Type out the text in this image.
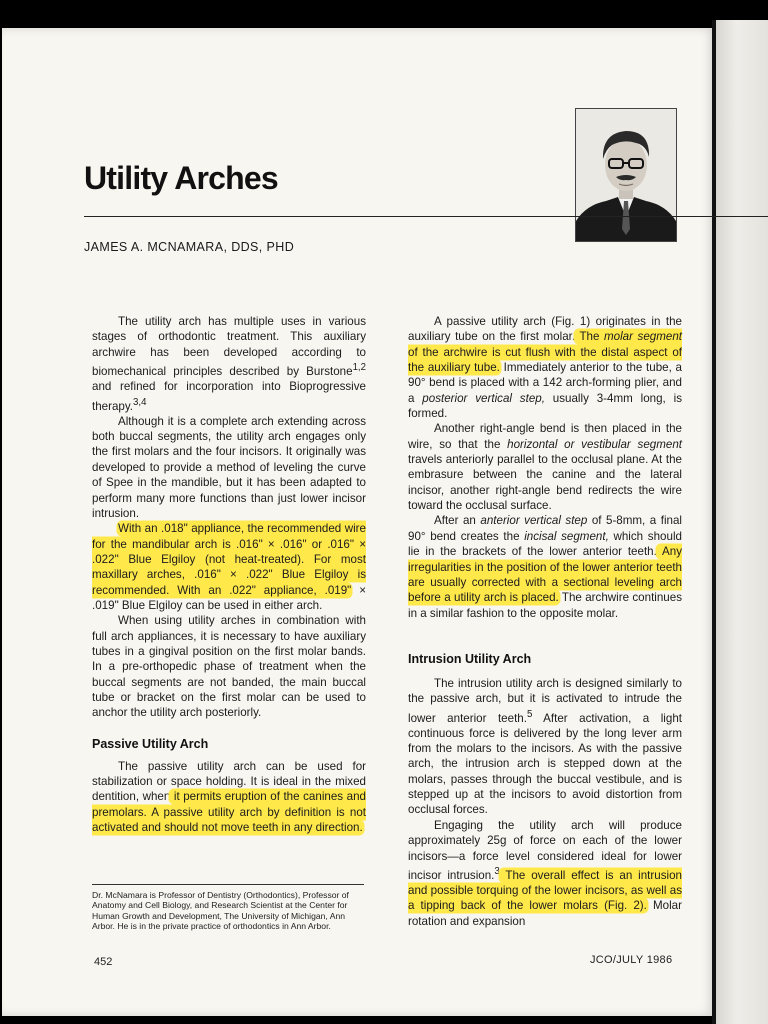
Utility Arches
JAMES A. MCNAMARA, DDS, PHD

The utility arch has multiple uses in various stages of orthodontic treatment. This auxiliary archwire has been developed according to biomechanical principles described by Burstone$^{1,2}$ and refined for incorporation into Bioprogressive therapy.$^{3,4}$

Although it is a complete arch extending across both buccal segments, the utility arch engages only the first molars and the four incisors. It originally was developed to provide a method of leveling the curve of Spee in the mandible, but it has been adapted to perform many more functions than just lower incisor intrusion.

With an .018" appliance, the recommended wire for the mandibular arch is .016" × .016" or .016" × .022" Blue Elgiloy (not heat-treated). For most maxillary arches, .016" × .022" Blue Elgiloy is recommended. With an .022" appliance, .019" × .019" Blue Elgiloy can be used in either arch.

When using utility arches in combination with full arch appliances, it is necessary to have auxiliary tubes in a gingival position on the first molar bands. In a pre-orthopedic phase of treatment when the buccal segments are not banded, the main buccal tube or bracket on the first molar can be used to anchor the utility arch posteriorly.

Passive Utility Arch

The passive utility arch can be used for stabilization or space holding. It is ideal in the mixed dentition, when it permits eruption of the canines and premolars. A passive utility arch by definition is not activated and should not move teeth in any direction.

A passive utility arch (Fig. 1) originates in the auxiliary tube on the first molar. The molar segment of the archwire is cut flush with the distal aspect of the auxiliary tube. Immediately anterior to the tube, a 90° bend is placed with a 142 arch-forming plier, and a posterior vertical step, usually 3-4mm long, is formed.

Another right-angle bend is then placed in the wire, so that the horizontal or vestibular segment travels anteriorly parallel to the occlusal plane. At the embrasure between the canine and the lateral incisor, another right-angle bend redirects the wire toward the occlusal surface.

After an anterior vertical step of 5-8mm, a final 90° bend creates the incisal segment, which should lie in the brackets of the lower anterior teeth. Any irregularities in the position of the lower anterior teeth are usually corrected with a sectional leveling arch before a utility arch is placed. The archwire continues in a similar fashion to the opposite molar.

Intrusion Utility Arch

The intrusion utility arch is designed similarly to the passive arch, but it is activated to intrude the lower anterior teeth.$^5$ After activation, a light continuous force is delivered by the long lever arm from the molars to the incisors. As with the passive arch, the intrusion arch is stepped down at the molars, passes through the buccal vestibule, and is stepped up at the incisors to avoid distortion from occlusal forces.

Engaging the utility arch will produce approximately 25g of force on each of the lower incisors—a force level considered ideal for lower incisor intrusion.$^3$ The overall effect is an intrusion and possible torquing of the lower incisors, as well as a tipping back of the lower molars (Fig. 2). Molar rotation and expansion

Dr. McNamara is Professor of Dentistry (Orthodontics), Professor of Anatomy and Cell Biology, and Research Scientist at the Center for Human Growth and Development, The University of Michigan, Ann Arbor. He is in the private practice of orthodontics in Ann Arbor.
452	JCO/JULY 1986
